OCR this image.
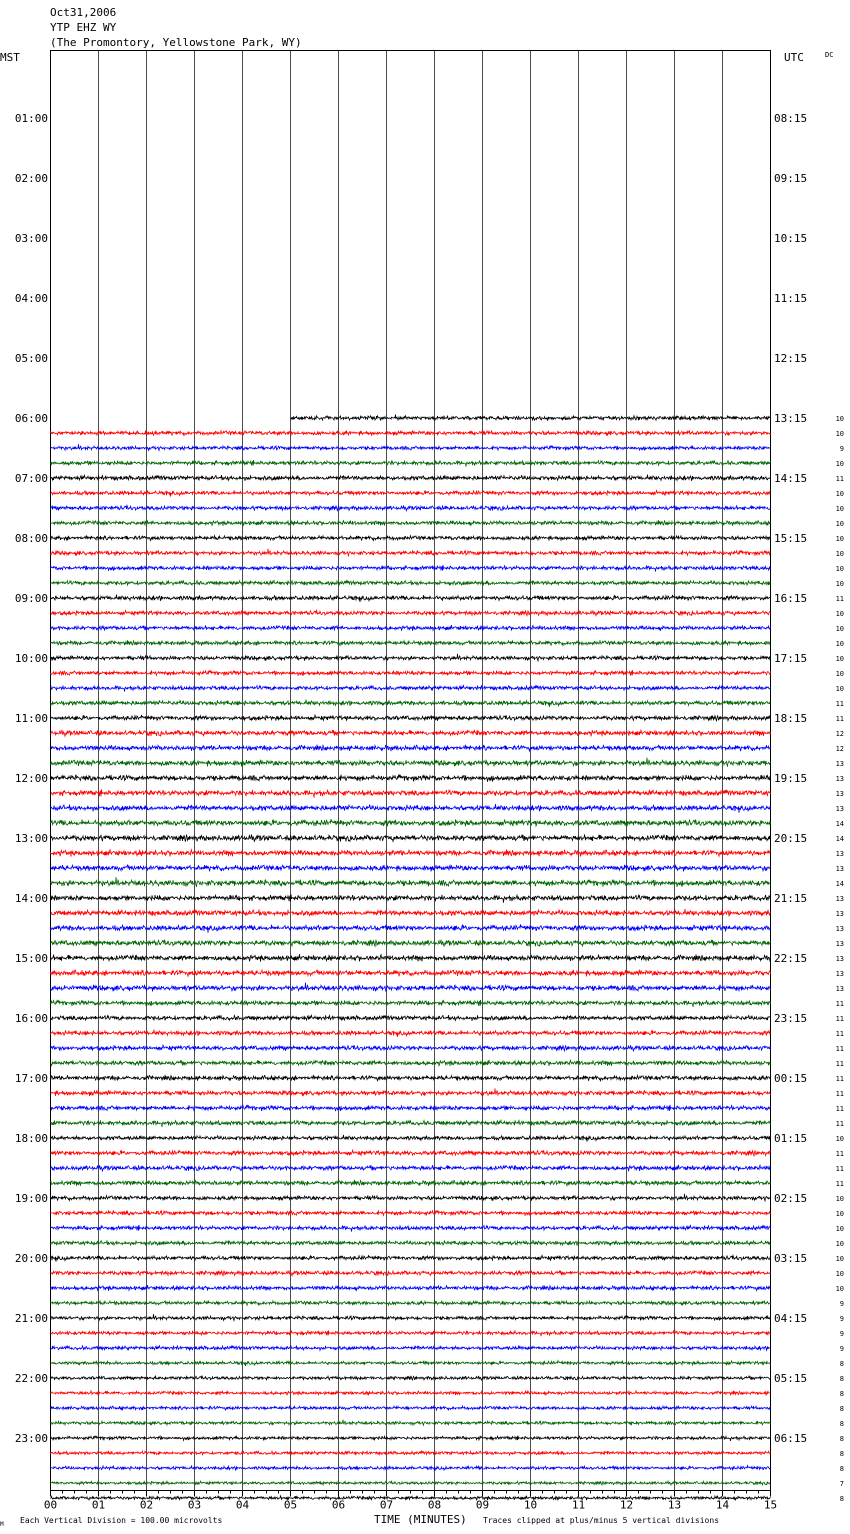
Oct31,2006
YTP EHZ WY
(The Promontory, Yellowstone Park, WY)
MST	UTC	DC
01:00
02:00
03:00
04:00
05:00
06:00
07:00
08:00
09:00
10:00
11:00
12:00
13:00
14:00
15:00
16:00
17:00
18:00
19:00
20:00
21:00
22:00
23:00
08:15
09:15
10:15
11:15
12:15
13:15
14:15
15:15
16:15
17:15
18:15
19:15
20:15
21:15
22:15
23:15
00:15
01:15
02:15
03:15
04:15
05:15
06:15
10
10
9
10
11
10
10
10
10
10
10
10
11
10
10
10
10
10
10
11
11
12
12
13
13
13
13
14
14
13
13
14
13
13
13
13
13
13
13
11
11
11
11
11
11
11
11
11
10
11
11
11
10
10
10
10
10
10
10
9
9
9
9
8
8
8
8
8
8
8
8
7
8
00	01	02	03	04	05	06	07	08	09	10	11	12	13	14	15
M Each Vertical Division = 100.00 microvolts	TIME (MINUTES) Traces clipped at plus/minus 5 vertical divisions
